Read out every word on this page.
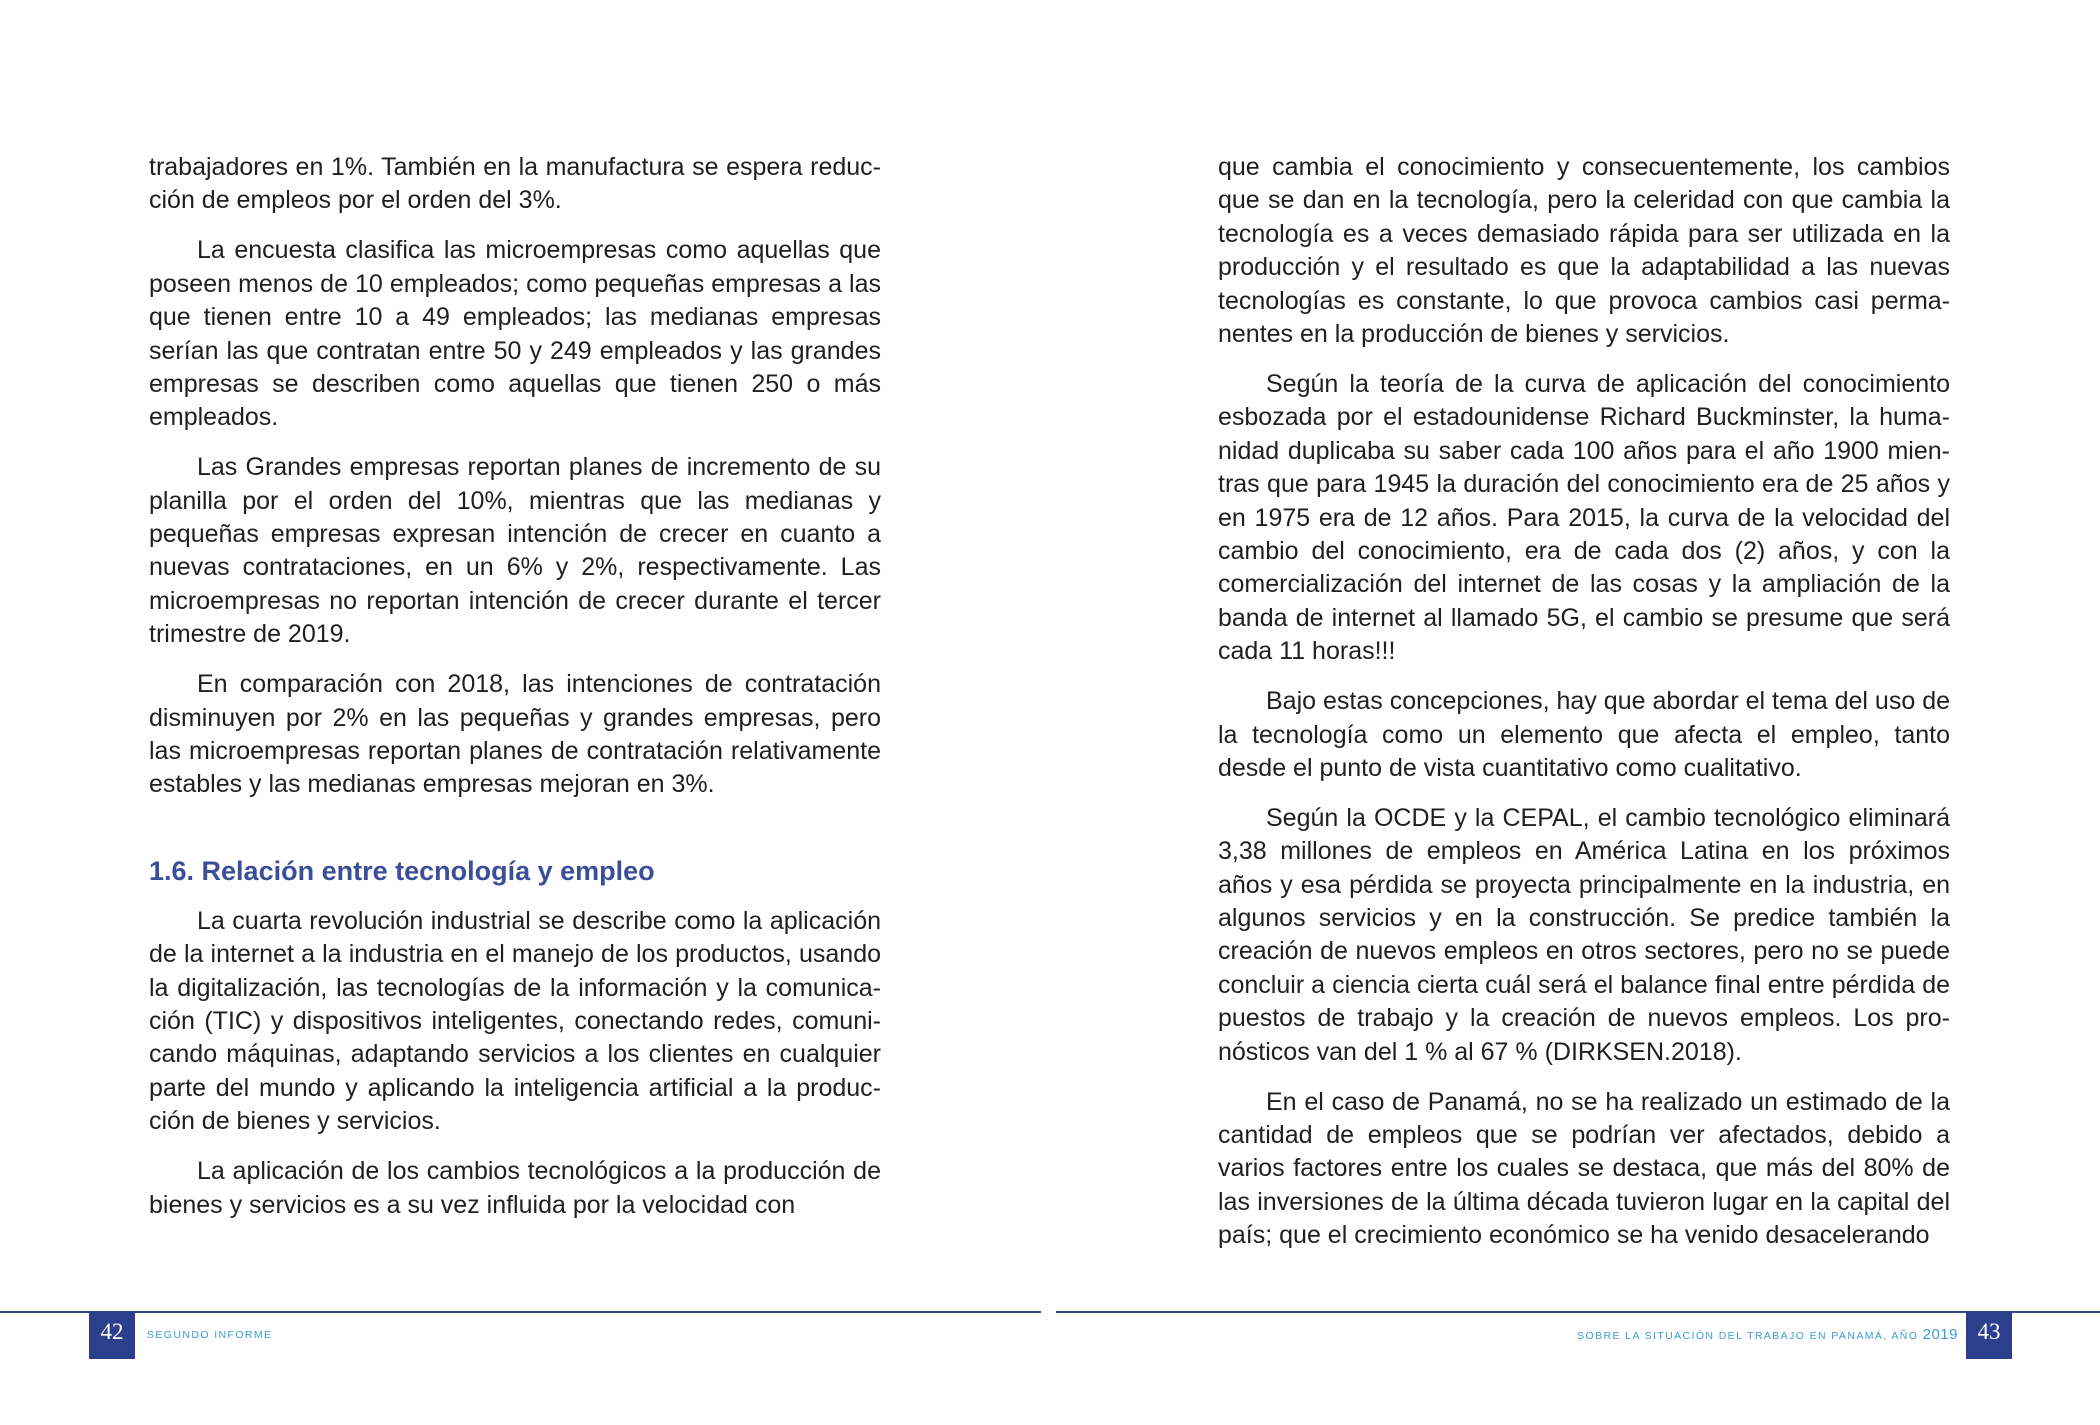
trabajadores en 1%. También en la manufactura se espera reducción de empleos por el orden del 3%.

La encuesta clasifica las microempresas como aquellas que poseen menos de 10 empleados; como pequeñas empresas a las que tienen entre 10 a 49 empleados; las medianas empresas serían las que contratan entre 50 y 249 empleados y las grandes empresas se describen como aquellas que tienen 250 o más empleados.

Las Grandes empresas reportan planes de incremento de su planilla por el orden del 10%, mientras que las medianas y pequeñas empresas expresan intención de crecer en cuanto a nuevas contrataciones, en un 6% y 2%, respectivamente. Las microempresas no reportan intención de crecer durante el tercer trimestre de 2019.

En comparación con 2018, las intenciones de contratación disminuyen por 2% en las pequeñas y grandes empresas, pero las microempresas reportan planes de contratación relativamente estables y las medianas empresas mejoran en 3%.

1.6. Relación entre tecnología y empleo

La cuarta revolución industrial se describe como la aplicación de la internet a la industria en el manejo de los productos, usando la digitalización, las tecnologías de la información y la comunicación (TIC) y dispositivos inteligentes, conectando redes, comunicando máquinas, adaptando servicios a los clientes en cualquier parte del mundo y aplicando la inteligencia artificial a la producción de bienes y servicios.

La aplicación de los cambios tecnológicos a la producción de bienes y servicios es a su vez influida por la velocidad con

que cambia el conocimiento y consecuentemente, los cambios que se dan en la tecnología, pero la celeridad con que cambia la tecnología es a veces demasiado rápida para ser utilizada en la producción y el resultado es que la adaptabilidad a las nuevas tecnologías es constante, lo que provoca cambios casi permanentes en la producción de bienes y servicios.

Según la teoría de la curva de aplicación del conocimiento esbozada por el estadounidense Richard Buckminster, la humanidad duplicaba su saber cada 100 años para el año 1900 mientras que para 1945 la duración del conocimiento era de 25 años y en 1975 era de 12 años. Para 2015, la curva de la velocidad del cambio del conocimiento, era de cada dos (2) años, y con la comercialización del internet de las cosas y la ampliación de la banda de internet al llamado 5G, el cambio se presume que será cada 11 horas!!!

Bajo estas concepciones, hay que abordar el tema del uso de la tecnología como un elemento que afecta el empleo, tanto desde el punto de vista cuantitativo como cualitativo.

Según la OCDE y la CEPAL, el cambio tecnológico eliminará 3,38 millones de empleos en América Latina en los próximos años y esa pérdida se proyecta principalmente en la industria, en algunos servicios y en la construcción. Se predice también la creación de nuevos empleos en otros sectores, pero no se puede concluir a ciencia cierta cuál será el balance final entre pérdida de puestos de trabajo y la creación de nuevos empleos. Los pronósticos van del 1 % al 67 % (DIRKSEN.2018).

En el caso de Panamá, no se ha realizado un estimado de la cantidad de empleos que se podrían ver afectados, debido a varios factores entre los cuales se destaca, que más del 80% de las inversiones de la última década tuvieron lugar en la capital del país; que el crecimiento económico se ha venido desacelerando

42	SEGUNDO INFORME	SOBRE LA SITUACIÓN DEL TRABAJO EN PANAMÁ, AÑO 2019 43
